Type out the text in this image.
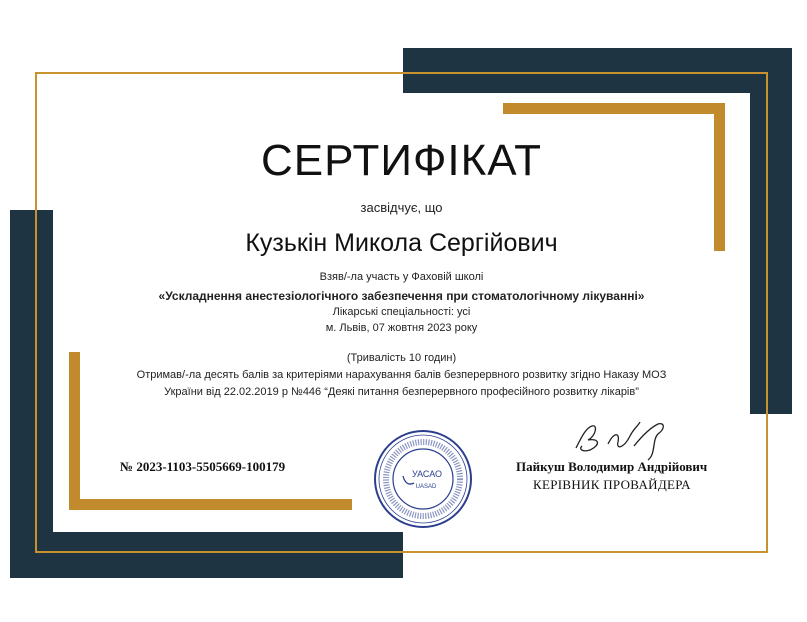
СЕРТИФІКАТ
засвідчує, що
Кузькін Микола Сергійович
Взяв/-ла участь у Фаховій школі
«Ускладнення анестезіологічного забезпечення при стоматологічному лікуванні»
Лікарські спеціальності: усі
м. Львів, 07 жовтня 2023 року
(Тривалість 10 годин)
Отримав/-ла десять балів за критеріями нарахування балів безперервного розвитку згідно Наказу МОЗ
України від 22.02.2019 р №446 “Деякі питання безперервного професійного розвитку лікарів”
№ 2023-1103-5505669-100179	УАСАО
UASAD
Пайкуш Володимир Андрійович
КЕРІВНИК ПРОВАЙДЕРА
